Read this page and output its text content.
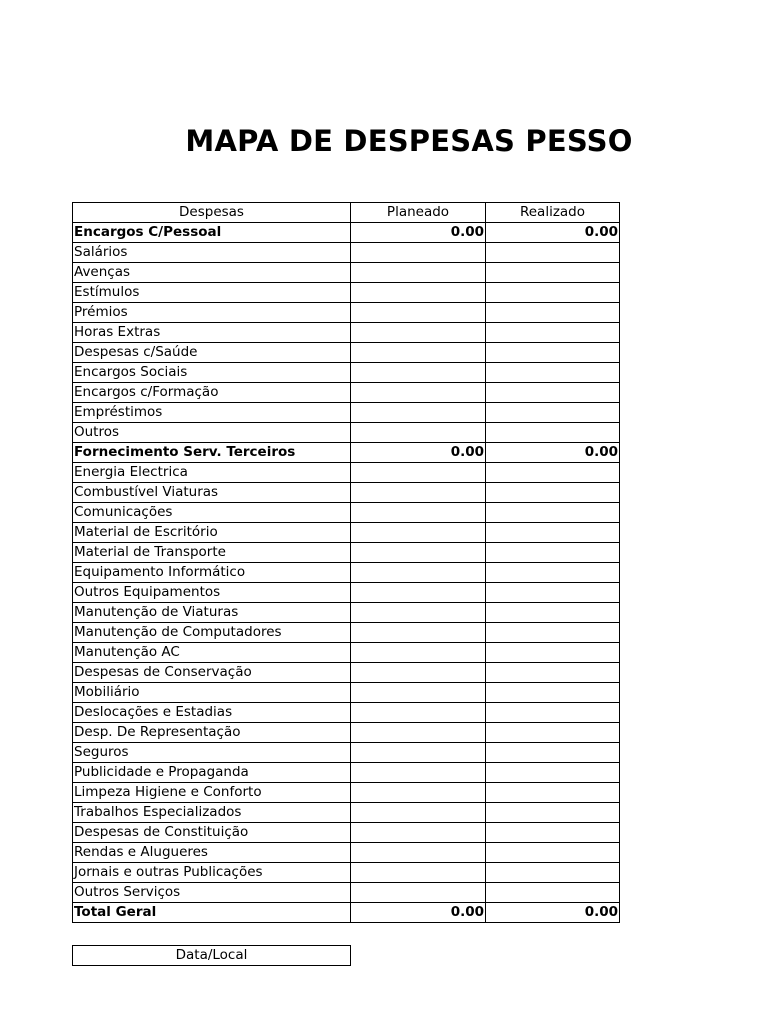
MAPA DE DESPESAS PESSO
Despesas	Planeado	Realizado
Encargos C/Pessoal	0.00	0.00
Salários		
Avenças		
Estímulos		
Prémios		
Horas Extras		
Despesas c/Saúde		
Encargos Sociais		
Encargos c/Formação		
Empréstimos		
Outros		
Fornecimento Serv. Terceiros	0.00	0.00
Energia Electrica		
Combustível Viaturas		
Comunicações		
Material de Escritório		
Material de Transporte		
Equipamento Informático		
Outros Equipamentos		
Manutenção de Viaturas		
Manutenção de Computadores		
Manutenção AC		
Despesas de Conservação		
Mobiliário		
Deslocações e Estadias		
Desp. De Representação		
Seguros		
Publicidade e Propaganda		
Limpeza Higiene e Conforto		
Trabalhos Especializados		
Despesas de Constituição		
Rendas e Alugueres		
Jornais e outras Publicações		
Outros Serviços		
Total Geral	0.00	0.00
Data/Local
